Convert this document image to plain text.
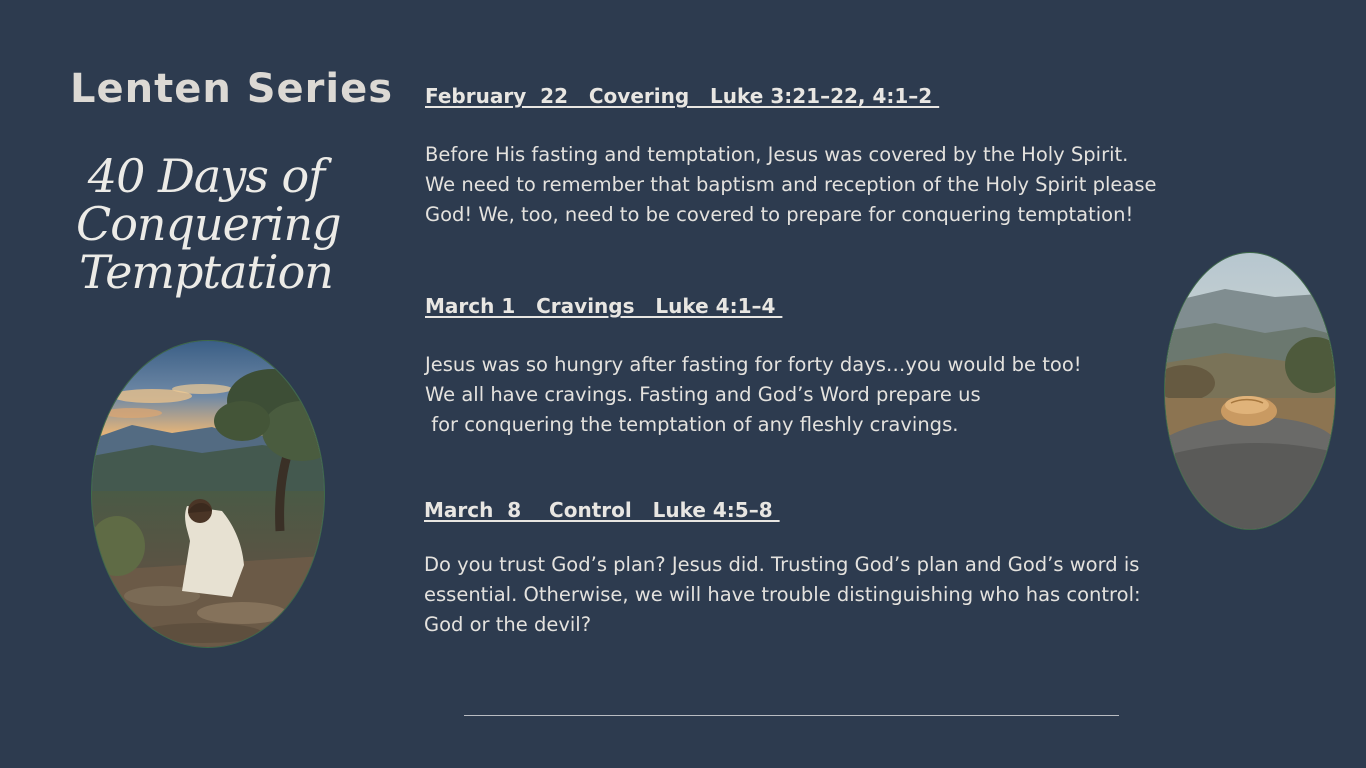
Lenten Series
40 Days of
Conquering
Temptation

February  22   Covering   Luke 3:21–22, 4:1–2

Before His fasting and temptation, Jesus was covered by the Holy Spirit.
We need to remember that baptism and reception of the Holy Spirit please
God! We, too, need to be covered to prepare for conquering temptation!

March 1   Cravings   Luke 4:1–4

Jesus was so hungry after fasting for forty days…you would be too!
We all have cravings. Fasting and God’s Word prepare us
for conquering the temptation of any fleshly cravings.

March  8    Control   Luke 4:5–8

Do you trust God’s plan? Jesus did. Trusting God’s plan and God’s word is
essential. Otherwise, we will have trouble distinguishing who has control:
God or the devil?
